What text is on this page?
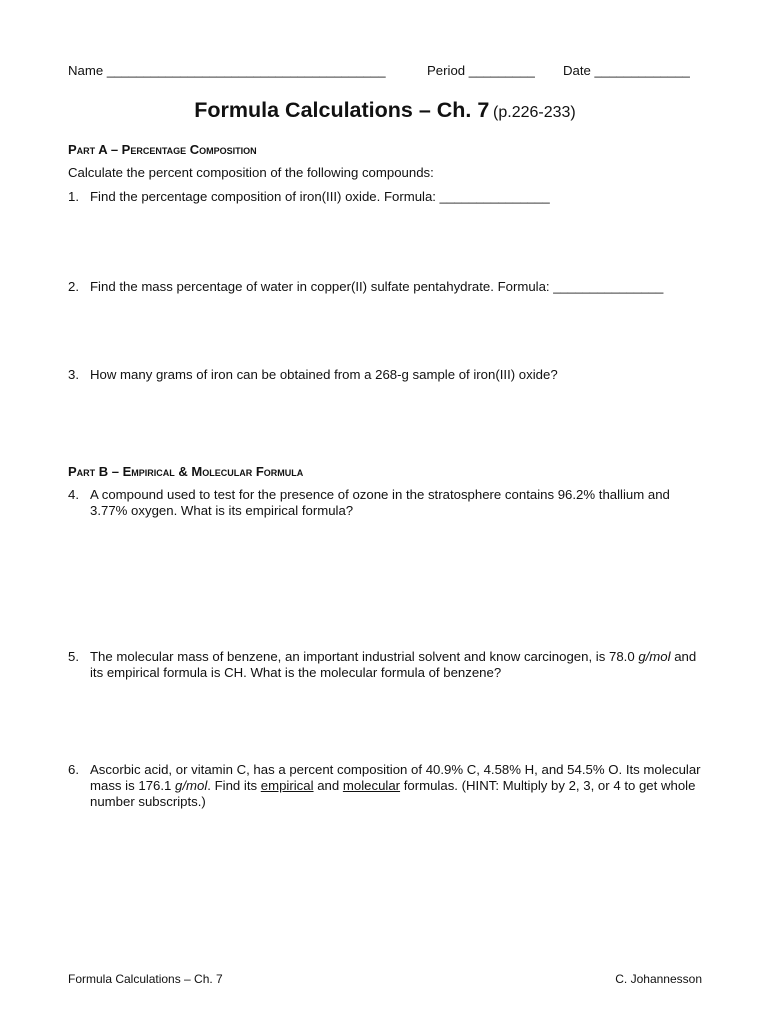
Name ______________________________________	Period _________ Date _____________
Formula Calculations – Ch. 7 (p.226-233)
Part A – Percentage Composition
Calculate the percent composition of the following compounds:
1. Find the percentage composition of iron(III) oxide. Formula: _______________
2. Find the mass percentage of water in copper(II) sulfate pentahydrate. Formula: _______________
3. How many grams of iron can be obtained from a 268-g sample of iron(III) oxide?
Part B – Empirical & Molecular Formula
4. A compound used to test for the presence of ozone in the stratosphere contains 96.2% thallium and 3.77% oxygen. What is its empirical formula?
5. The molecular mass of benzene, an important industrial solvent and know carcinogen, is 78.0 g/mol and its empirical formula is CH. What is the molecular formula of benzene?
6. Ascorbic acid, or vitamin C, has a percent composition of 40.9% C, 4.58% H, and 54.5% O. Its molecular mass is 176.1 g/mol. Find its empirical and molecular formulas. (HINT: Multiply by 2, 3, or 4 to get whole number subscripts.)
Formula Calculations – Ch. 7	C. Johannesson
